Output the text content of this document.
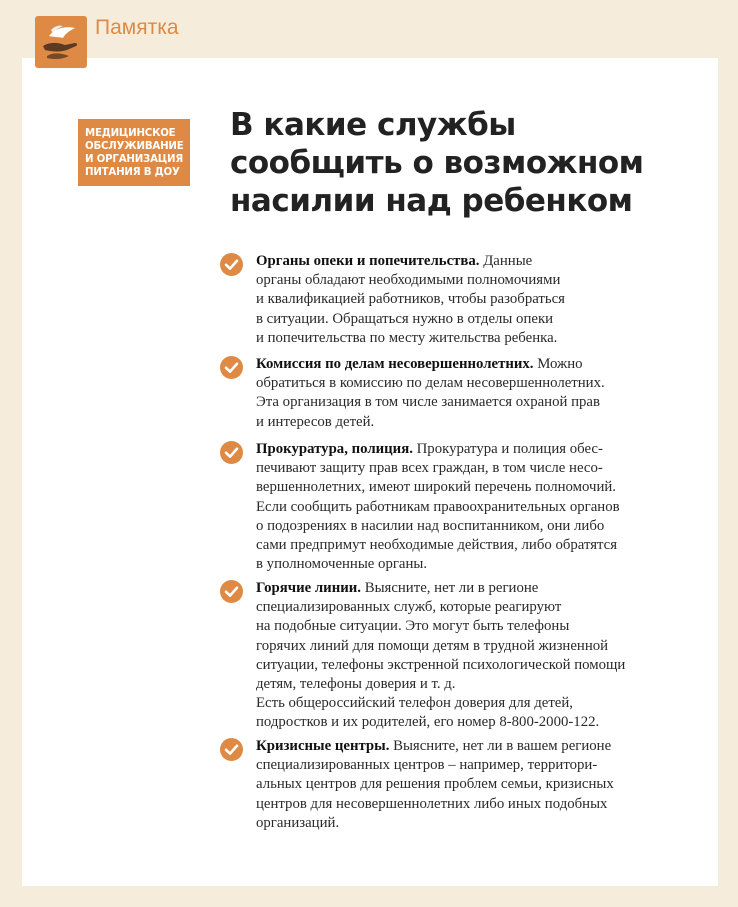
Памятка
МЕДИЦИНСКОЕ
ОБСЛУЖИВАНИЕ
И ОРГАНИЗАЦИЯ
ПИТАНИЯ В ДОУ
В какие службы
сообщить о возможном
насилии над ребенком
Органы опеки и попечительства. Данные
органы обладают необходимыми полномочиями
и квалификацией работников, чтобы разобраться
в ситуации. Обращаться нужно в отделы опеки
и попечительства по месту жительства ребенка.
Комиссия по делам несовершеннолетних. Можно
обратиться в комиссию по делам несовершеннолетних.
Эта организация в том числе занимается охраной прав
и интересов детей.
Прокуратура, полиция. Прокуратура и полиция обес-
печивают защиту прав всех граждан, в том числе несо-
вершеннолетних, имеют широкий перечень полномочий.
Если сообщить работникам правоохранительных органов
о подозрениях в насилии над воспитанником, они либо
сами предпримут необходимые действия, либо обратятся
в уполномоченные органы.
Горячие линии. Выясните, нет ли в регионе
специализированных служб, которые реагируют
на подобные ситуации. Это могут быть телефоны
горячих линий для помощи детям в трудной жизненной
ситуации, телефоны экстренной психологической помощи
детям, телефоны доверия и т. д.
Есть общероссийский телефон доверия для детей,
подростков и их родителей, его номер 8-800-2000-122.
Кризисные центры. Выясните, нет ли в вашем регионе
специализированных центров – например, территори-
альных центров для решения проблем семьи, кризисных
центров для несовершеннолетних либо иных подобных
организаций.
